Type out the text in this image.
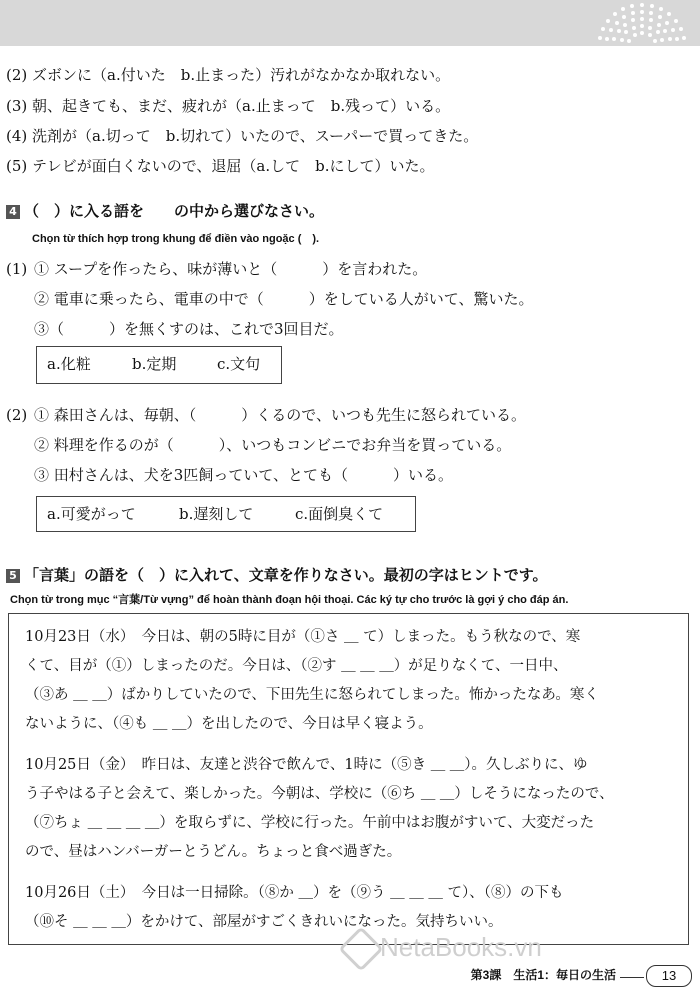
(2) ズボンに（a.付いた　b.止まった）汚れがなかなか取れない。
(3) 朝、起きても、まだ、疲れが（a.止まって　b.残って）いる。
(4) 洗剤が（a.切って　b.切れて）いたので、スーパーで買ってきた。
(5) テレビが面白くないので、退屈（a.して　b.にして）いた。
4 （　）に入る語を　　の中から選びなさい。
Chọn từ thích hợp trong khung để điền vào ngoặc (　).
(1) ① スープを作ったら、味が薄いと（　　　）を言われた。
② 電車に乗ったら、電車の中で（　　　）をしている人がいて、驚いた。
③（　　　）を無くすのは、これで3回目だ。
a.化粧	b.定期	c.文句
(2) ① 森田さんは、毎朝、（　　　）くるので、いつも先生に怒られている。
② 料理を作るのが（　　　）、いつもコンビニでお弁当を買っている。
③ 田村さんは、犬を3匹飼っていて、とても（　　　）いる。
a.可愛がって	b.遅刻して	c.面倒臭くて
5 「言葉」の語を（　）に入れて、文章を作りなさい。最初の字はヒントです。
Chọn từ trong mục “言葉/Từ vựng” để hoàn thành đoạn hội thoại. Các ký tự cho trước là gợi ý cho đáp án.
10月23日（水）　今日は、朝の5時に目が（①さ ＿ て）しまった。もう秋なので、寒
くて、目が（①）しまったのだ。今日は、（②す ＿ ＿ ＿）が足りなくて、一日中、
（③あ ＿ ＿）ばかりしていたので、下田先生に怒られてしまった。怖かったなあ。寒く
ないように、（④も ＿ ＿）を出したので、今日は早く寝よう。
10月25日（金）　昨日は、友達と渋谷で飲んで、1時に（⑤き ＿ ＿）。久しぶりに、ゆ
う子やはる子と会えて、楽しかった。今朝は、学校に（⑥ち ＿ ＿）しそうになったので、
（⑦ちょ ＿ ＿ ＿ ＿）を取らずに、学校に行った。午前中はお腹がすいて、大変だった
ので、昼はハンバーガーとうどん。ちょっと食べ過ぎた。
10月26日（土）　今日は一日掃除。（⑧か ＿）を（⑨う ＿ ＿ ＿ て）、（⑧）の下も
（⑩そ ＿ ＿ ＿）をかけて、部屋がすごくきれいになった。気持ちいい。
NetaBooks.vn
第3課　生活1：毎日の生活	13
